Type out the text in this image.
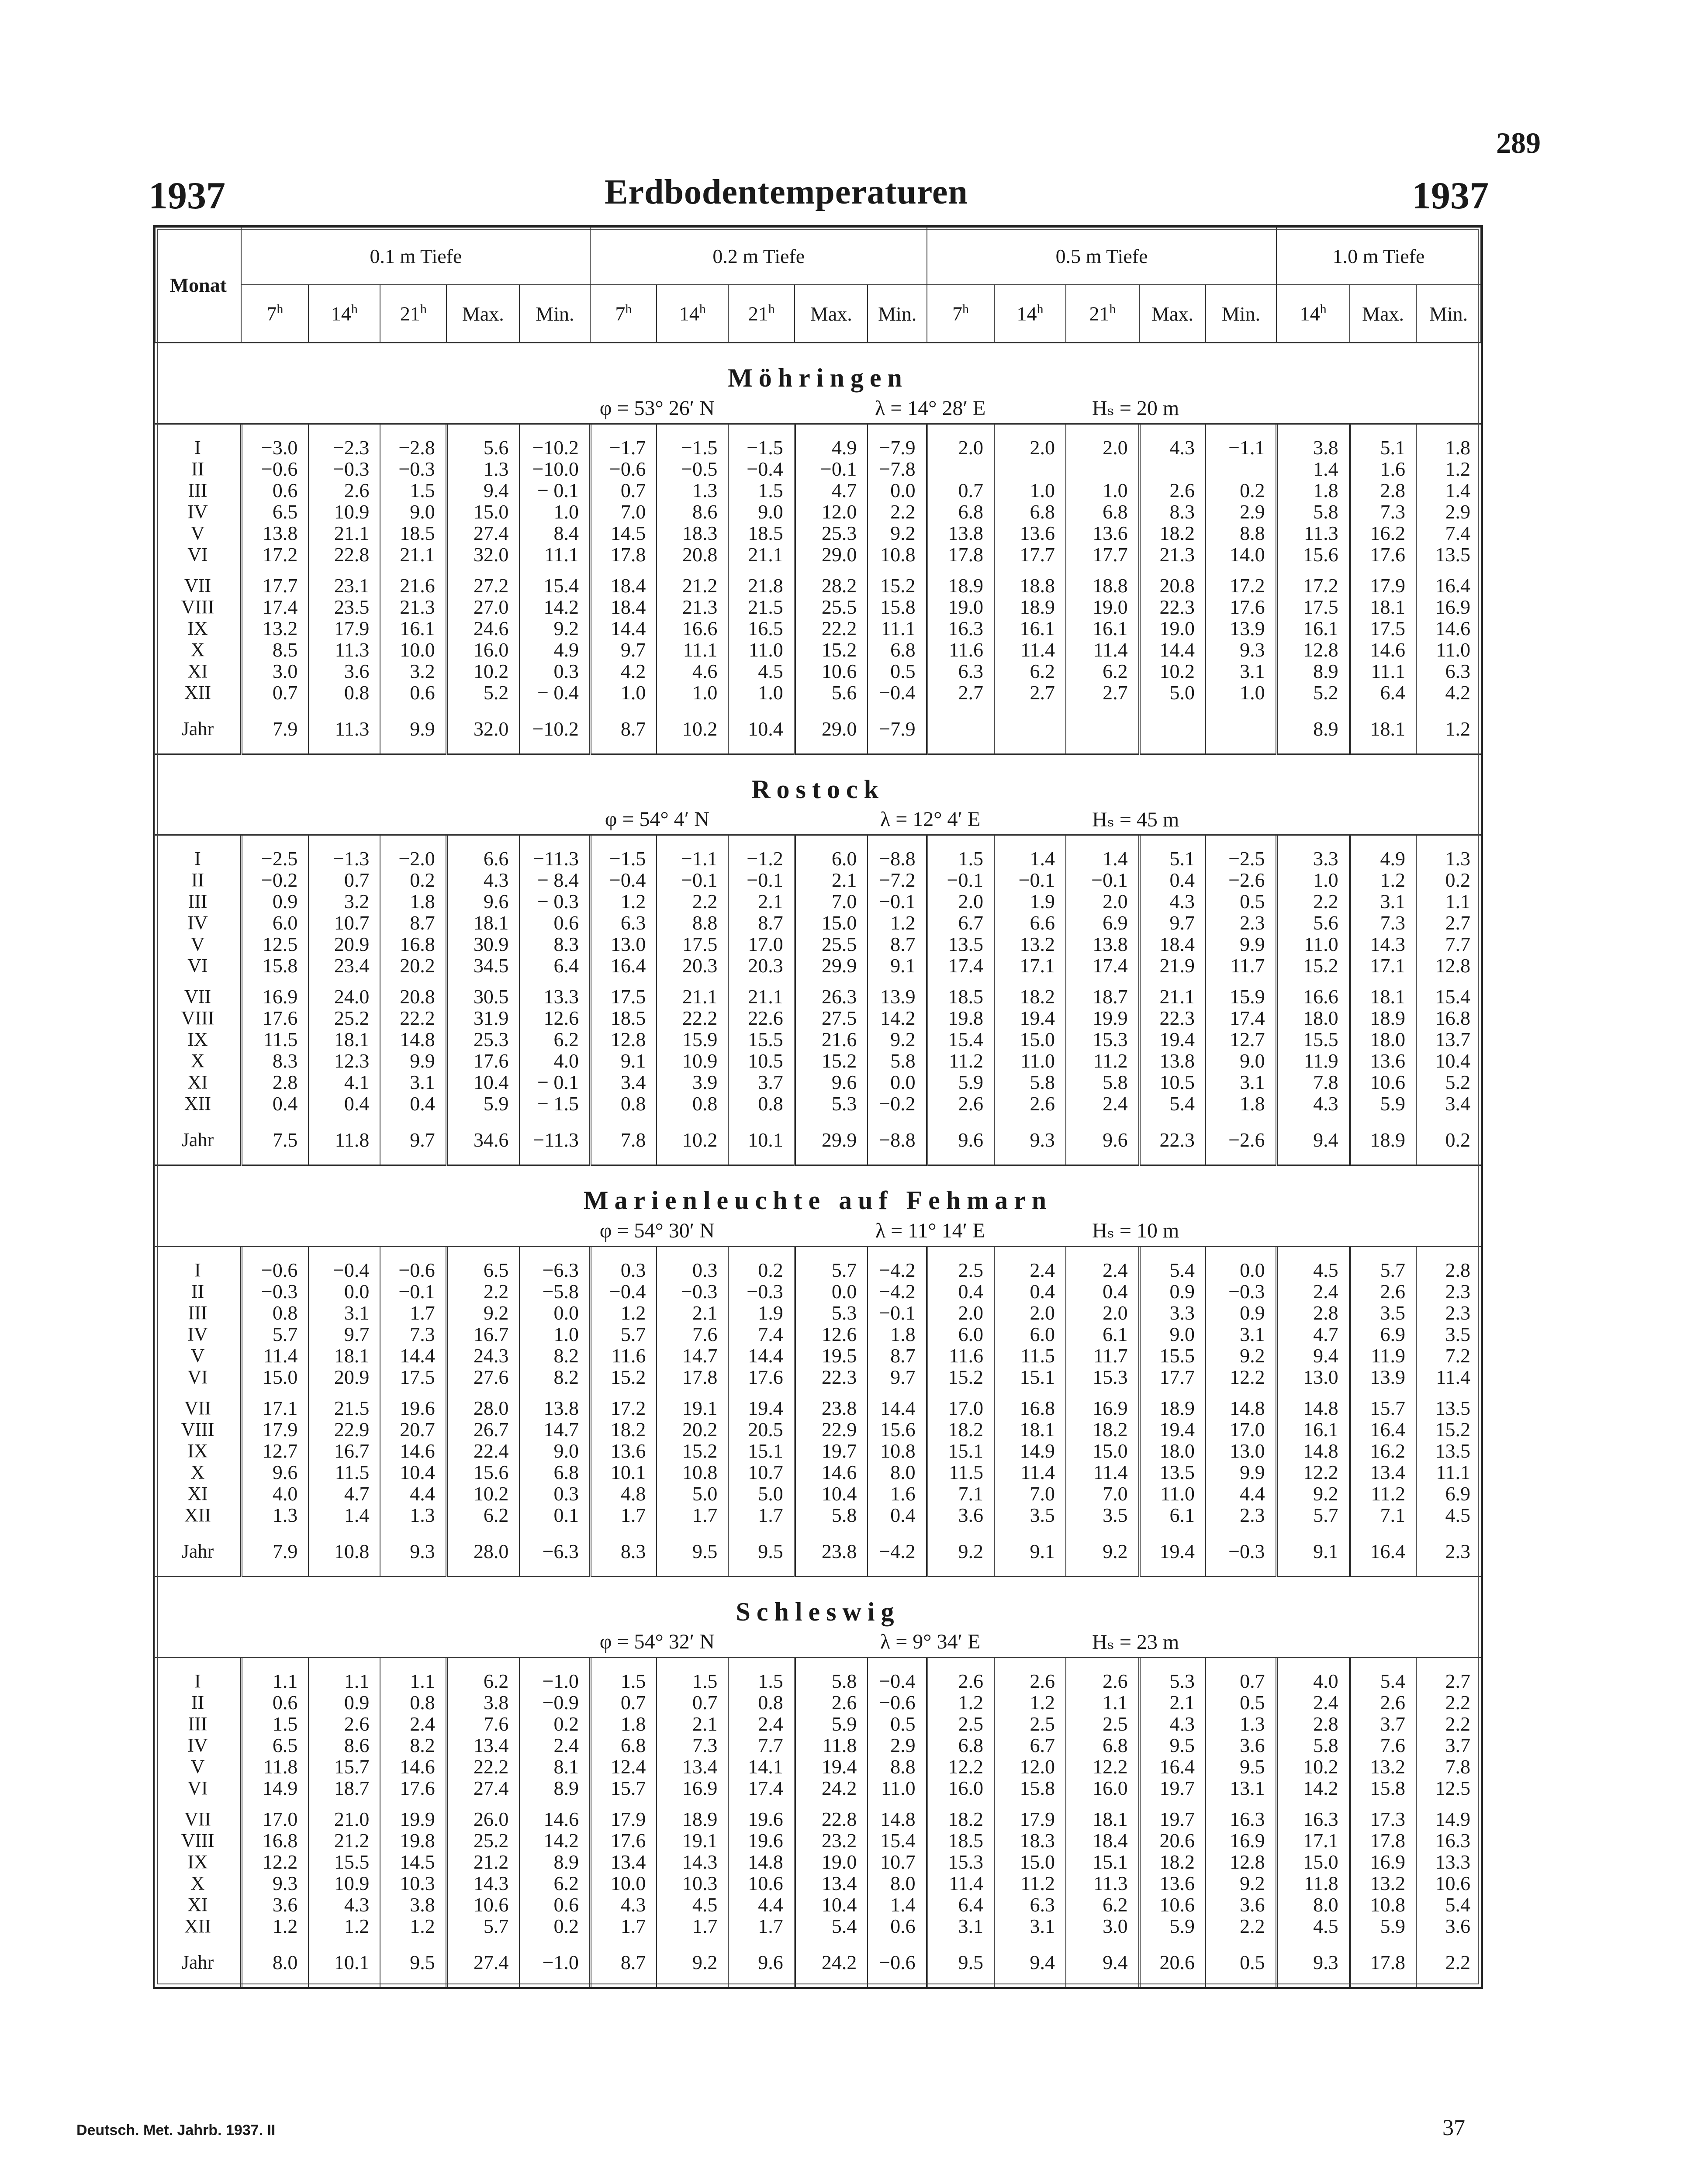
289
1937	Erdbodentemperaturen	1937
Monat	0.1 m Tiefe					0.2 m Tiefe					0.5 m Tiefe					1.0 m Tiefe		
	7$^h$	14$^h$	21$^h$	Max.	Min.	7$^h$	14$^h$	21$^h$	Max.	Min.	7$^h$	14$^h$	21$^h$	Max.	Min.	14$^h$	Max.	Min.

Möhringen																		
					φ = 53° 26′ N				λ = 14° 28′ E				Hₛ = 20 m					

I	−3.0	−2.3	−2.8	5.6	−10.2	−1.7	−1.5	−1.5	4.9	−7.9	2.0	2.0	2.0	4.3	−1.1	3.8	5.1	1.8
II	−0.6	−0.3	−0.3	1.3	−10.0	−0.6	−0.5	−0.4	−0.1	−7.8						1.4	1.6	1.2
III	0.6	2.6	1.5	9.4	− 0.1	0.7	1.3	1.5	4.7	0.0	0.7	1.0	1.0	2.6	0.2	1.8	2.8	1.4
IV	6.5	10.9	9.0	15.0	1.0	7.0	8.6	9.0	12.0	2.2	6.8	6.8	6.8	8.3	2.9	5.8	7.3	2.9
V	13.8	21.1	18.5	27.4	8.4	14.5	18.3	18.5	25.3	9.2	13.8	13.6	13.6	18.2	8.8	11.3	16.2	7.4
VI	17.2	22.8	21.1	32.0	11.1	17.8	20.8	21.1	29.0	10.8	17.8	17.7	17.7	21.3	14.0	15.6	17.6	13.5
VII	17.7	23.1	21.6	27.2	15.4	18.4	21.2	21.8	28.2	15.2	18.9	18.8	18.8	20.8	17.2	17.2	17.9	16.4
VIII	17.4	23.5	21.3	27.0	14.2	18.4	21.3	21.5	25.5	15.8	19.0	18.9	19.0	22.3	17.6	17.5	18.1	16.9
IX	13.2	17.9	16.1	24.6	9.2	14.4	16.6	16.5	22.2	11.1	16.3	16.1	16.1	19.0	13.9	16.1	17.5	14.6
X	8.5	11.3	10.0	16.0	4.9	9.7	11.1	11.0	15.2	6.8	11.6	11.4	11.4	14.4	9.3	12.8	14.6	11.0
XI	3.0	3.6	3.2	10.2	0.3	4.2	4.6	4.5	10.6	0.5	6.3	6.2	6.2	10.2	3.1	8.9	11.1	6.3
XII	0.7	0.8	0.6	5.2	− 0.4	1.0	1.0	1.0	5.6	−0.4	2.7	2.7	2.7	5.0	1.0	5.2	6.4	4.2
Jahr	7.9	11.3	9.9	32.0	−10.2	8.7	10.2	10.4	29.0	−7.9						8.9	18.1	1.2

Rostock																		
					φ = 54° 4′ N				λ = 12° 4′ E				Hₛ = 45 m					

I	−2.5	−1.3	−2.0	6.6	−11.3	−1.5	−1.1	−1.2	6.0	−8.8	1.5	1.4	1.4	5.1	−2.5	3.3	4.9	1.3
II	−0.2	0.7	0.2	4.3	− 8.4	−0.4	−0.1	−0.1	2.1	−7.2	−0.1	−0.1	−0.1	0.4	−2.6	1.0	1.2	0.2
III	0.9	3.2	1.8	9.6	− 0.3	1.2	2.2	2.1	7.0	−0.1	2.0	1.9	2.0	4.3	0.5	2.2	3.1	1.1
IV	6.0	10.7	8.7	18.1	0.6	6.3	8.8	8.7	15.0	1.2	6.7	6.6	6.9	9.7	2.3	5.6	7.3	2.7
V	12.5	20.9	16.8	30.9	8.3	13.0	17.5	17.0	25.5	8.7	13.5	13.2	13.8	18.4	9.9	11.0	14.3	7.7
VI	15.8	23.4	20.2	34.5	6.4	16.4	20.3	20.3	29.9	9.1	17.4	17.1	17.4	21.9	11.7	15.2	17.1	12.8
VII	16.9	24.0	20.8	30.5	13.3	17.5	21.1	21.1	26.3	13.9	18.5	18.2	18.7	21.1	15.9	16.6	18.1	15.4
VIII	17.6	25.2	22.2	31.9	12.6	18.5	22.2	22.6	27.5	14.2	19.8	19.4	19.9	22.3	17.4	18.0	18.9	16.8
IX	11.5	18.1	14.8	25.3	6.2	12.8	15.9	15.5	21.6	9.2	15.4	15.0	15.3	19.4	12.7	15.5	18.0	13.7
X	8.3	12.3	9.9	17.6	4.0	9.1	10.9	10.5	15.2	5.8	11.2	11.0	11.2	13.8	9.0	11.9	13.6	10.4
XI	2.8	4.1	3.1	10.4	− 0.1	3.4	3.9	3.7	9.6	0.0	5.9	5.8	5.8	10.5	3.1	7.8	10.6	5.2
XII	0.4	0.4	0.4	5.9	− 1.5	0.8	0.8	0.8	5.3	−0.2	2.6	2.6	2.4	5.4	1.8	4.3	5.9	3.4
Jahr	7.5	11.8	9.7	34.6	−11.3	7.8	10.2	10.1	29.9	−8.8	9.6	9.3	9.6	22.3	−2.6	9.4	18.9	0.2

Marienleuchte auf Fehmarn																		
					φ = 54° 30′ N				λ = 11° 14′ E				Hₛ = 10 m					

I	−0.6	−0.4	−0.6	6.5	−6.3	0.3	0.3	0.2	5.7	−4.2	2.5	2.4	2.4	5.4	0.0	4.5	5.7	2.8
II	−0.3	0.0	−0.1	2.2	−5.8	−0.4	−0.3	−0.3	0.0	−4.2	0.4	0.4	0.4	0.9	−0.3	2.4	2.6	2.3
III	0.8	3.1	1.7	9.2	0.0	1.2	2.1	1.9	5.3	−0.1	2.0	2.0	2.0	3.3	0.9	2.8	3.5	2.3
IV	5.7	9.7	7.3	16.7	1.0	5.7	7.6	7.4	12.6	1.8	6.0	6.0	6.1	9.0	3.1	4.7	6.9	3.5
V	11.4	18.1	14.4	24.3	8.2	11.6	14.7	14.4	19.5	8.7	11.6	11.5	11.7	15.5	9.2	9.4	11.9	7.2
VI	15.0	20.9	17.5	27.6	8.2	15.2	17.8	17.6	22.3	9.7	15.2	15.1	15.3	17.7	12.2	13.0	13.9	11.4
VII	17.1	21.5	19.6	28.0	13.8	17.2	19.1	19.4	23.8	14.4	17.0	16.8	16.9	18.9	14.8	14.8	15.7	13.5
VIII	17.9	22.9	20.7	26.7	14.7	18.2	20.2	20.5	22.9	15.6	18.2	18.1	18.2	19.4	17.0	16.1	16.4	15.2
IX	12.7	16.7	14.6	22.4	9.0	13.6	15.2	15.1	19.7	10.8	15.1	14.9	15.0	18.0	13.0	14.8	16.2	13.5
X	9.6	11.5	10.4	15.6	6.8	10.1	10.8	10.7	14.6	8.0	11.5	11.4	11.4	13.5	9.9	12.2	13.4	11.1
XI	4.0	4.7	4.4	10.2	0.3	4.8	5.0	5.0	10.4	1.6	7.1	7.0	7.0	11.0	4.4	9.2	11.2	6.9
XII	1.3	1.4	1.3	6.2	0.1	1.7	1.7	1.7	5.8	0.4	3.6	3.5	3.5	6.1	2.3	5.7	7.1	4.5
Jahr	7.9	10.8	9.3	28.0	−6.3	8.3	9.5	9.5	23.8	−4.2	9.2	9.1	9.2	19.4	−0.3	9.1	16.4	2.3

Schleswig																		
					φ = 54° 32′ N				λ = 9° 34′ E				Hₛ = 23 m					

I	1.1	1.1	1.1	6.2	−1.0	1.5	1.5	1.5	5.8	−0.4	2.6	2.6	2.6	5.3	0.7	4.0	5.4	2.7
II	0.6	0.9	0.8	3.8	−0.9	0.7	0.7	0.8	2.6	−0.6	1.2	1.2	1.1	2.1	0.5	2.4	2.6	2.2
III	1.5	2.6	2.4	7.6	0.2	1.8	2.1	2.4	5.9	0.5	2.5	2.5	2.5	4.3	1.3	2.8	3.7	2.2
IV	6.5	8.6	8.2	13.4	2.4	6.8	7.3	7.7	11.8	2.9	6.8	6.7	6.8	9.5	3.6	5.8	7.6	3.7
V	11.8	15.7	14.6	22.2	8.1	12.4	13.4	14.1	19.4	8.8	12.2	12.0	12.2	16.4	9.5	10.2	13.2	7.8
VI	14.9	18.7	17.6	27.4	8.9	15.7	16.9	17.4	24.2	11.0	16.0	15.8	16.0	19.7	13.1	14.2	15.8	12.5
VII	17.0	21.0	19.9	26.0	14.6	17.9	18.9	19.6	22.8	14.8	18.2	17.9	18.1	19.7	16.3	16.3	17.3	14.9
VIII	16.8	21.2	19.8	25.2	14.2	17.6	19.1	19.6	23.2	15.4	18.5	18.3	18.4	20.6	16.9	17.1	17.8	16.3
IX	12.2	15.5	14.5	21.2	8.9	13.4	14.3	14.8	19.0	10.7	15.3	15.0	15.1	18.2	12.8	15.0	16.9	13.3
X	9.3	10.9	10.3	14.3	6.2	10.0	10.3	10.6	13.4	8.0	11.4	11.2	11.3	13.6	9.2	11.8	13.2	10.6
XI	3.6	4.3	3.8	10.6	0.6	4.3	4.5	4.4	10.4	1.4	6.4	6.3	6.2	10.6	3.6	8.0	10.8	5.4
XII	1.2	1.2	1.2	5.7	0.2	1.7	1.7	1.7	5.4	0.6	3.1	3.1	3.0	5.9	2.2	4.5	5.9	3.6
Jahr	8.0	10.1	9.5	27.4	−1.0	8.7	9.2	9.6	24.2	−0.6	9.5	9.4	9.4	20.6	0.5	9.3	17.8	2.2
Deutsch. Met. Jahrb. 1937. II	37
